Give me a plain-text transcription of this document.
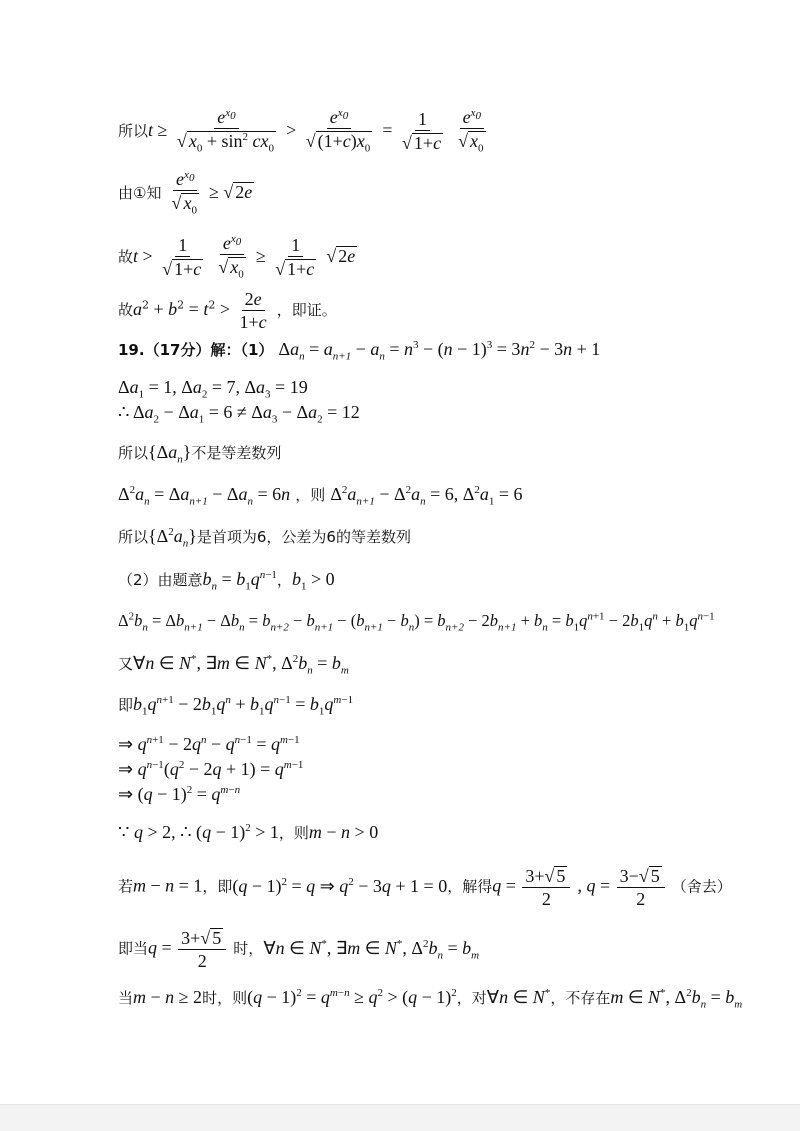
所以$t \ge \frac{e^{x_0}}{√ x_0 + \sin^2 cx_0} > \frac{e^{x_0}}{√ (1+c)x_0} = \frac{1}{√ 1+c}$
$\frac{e^{x_0}}{√ x_0}$
由①知 $\frac{e^{x_0}}{√ x_0}$ ≥ √ 2e
故$t > \frac{1}{√ 1+c}$
$\frac{e^{x_0}}{√ x_0} \ge \frac{1}{√ 1+c}$ √ 2e
故$a^2 + b^2 = t^2 > \frac{2e}{1+c}$ ，即证。
19.（17分）解：（1） $\Delta a_n = a_{n+1} - a_n = n^3 - (n - 1)^3 = 3n^2 - 3n + 1$
$\Delta a_1 = 1$, $\Delta a_2 = 7$, $\Delta a_3 = 19$
∴ $\Delta a_2 - \Delta a_1 = 6 \ne \Delta a_3 - \Delta a_2 = 12$
所以$\{\Delta a_n\}$不是等差数列
$\Delta^2a_n = \Delta a_{n+1} - \Delta a_n = 6n$ ，则 $\Delta^2a_{n+1} - \Delta^2a_n = 6$, $\Delta^2a_1 = 6$
所以$\{\Delta^2a_n\}$是首项为6，公差为6的等差数列
（2）由题意$b_n = b_1q^{n-1}$，$b_1 > 0$
$\Delta^2b_n = \Delta b_{n+1} - \Delta b_n = b_{n+2} - b_{n+1} - (b_{n+1} - b_n) = b_{n+2} - 2b_{n+1} + b_n = b_1q^{n+1} - 2b_1q^n + b_1q^{n-1}$
又∀n ∈ N*, ∃m ∈ N*, $\Delta^2b_n = b_m$
即$b_1q^{n+1} - 2b_1q^n + b_1q^{n-1} = b_1q^{m-1}$
⇒ $q^{n+1} - 2q^n - q^{n-1} = q^{m-1}$
⇒ $q^{n-1}(q^2 - 2q + 1) = q^{m-1}$
⇒ $(q - 1)^2 = q^{m-n}$
∵ q > 2, ∴ $(q - 1)^2 > 1$，则m − n > 0
若m − n = 1，即$(q - 1)^2 = q$ ⇒ $q^2 - 3q + 1 = 0$，解得$q = \frac{3+√ 5}{2}$ , $q = \frac{3-√ 5}{2}$ （舍去）
即当$q = \frac{3+√ 5}{2}$ 时，∀n ∈ N*, ∃m ∈ N*, $\Delta^2b_n = b_m$
当m − n ≥ 2时，则$(q - 1)^2 = q^{m-n} \ge q^2 > (q - 1)^2$，对∀n ∈ N*，不存在m ∈ N*, $\Delta^2b_n = b_m$
